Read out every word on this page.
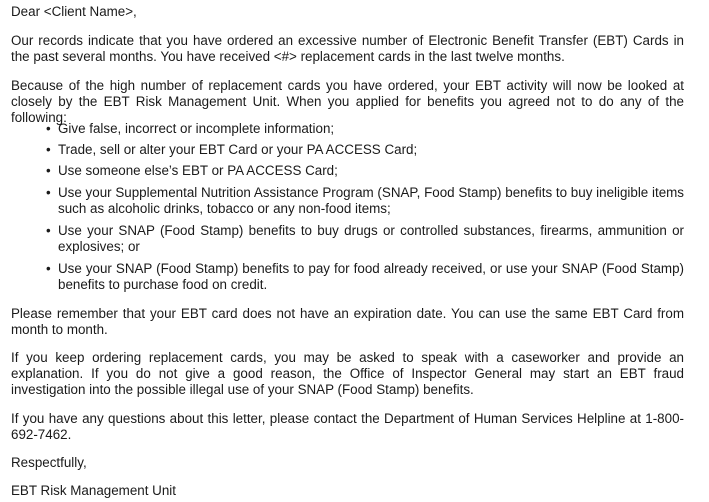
Dear <Client Name>,

Our records indicate that you have ordered an excessive number of Electronic Benefit Transfer (EBT) Cards in the past several months. You have received <#> replacement cards in the last twelve months.

Because of the high number of replacement cards you have ordered, your EBT activity will now be looked at closely by the EBT Risk Management Unit. When you applied for benefits you agreed not to do any of the following:

• Give false, incorrect or incomplete information;
• Trade, sell or alter your EBT Card or your PA ACCESS Card;
• Use someone else’s EBT or PA ACCESS Card;
• Use your Supplemental Nutrition Assistance Program (SNAP, Food Stamp) benefits to buy ineligible items such as alcoholic drinks, tobacco or any non-food items;
• Use your SNAP (Food Stamp) benefits to buy drugs or controlled substances, firearms, ammunition or explosives; or
• Use your SNAP (Food Stamp) benefits to pay for food already received, or use your SNAP (Food Stamp) benefits to purchase food on credit.

Please remember that your EBT card does not have an expiration date. You can use the same EBT Card from month to month.

If you keep ordering replacement cards, you may be asked to speak with a caseworker and provide an explanation. If you do not give a good reason, the Office of Inspector General may start an EBT fraud investigation into the possible illegal use of your SNAP (Food Stamp) benefits.

If you have any questions about this letter, please contact the Department of Human Services Helpline at 1-800-692-7462.

Respectfully,

EBT Risk Management Unit
